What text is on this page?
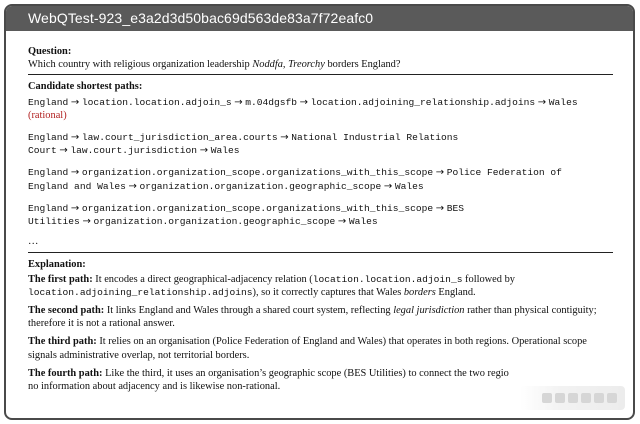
WebQTest-923_e3a2d3d50bac69d563de83a7f72eafc0
Question:
Which country with religious organization leadership Noddfa, Treorchy borders England?
Candidate shortest paths:
England → location.location.adjoin_s → m.04dgsfb → location.adjoining_relationship.adjoins → Wales
(rational)
England → law.court_jurisdiction_area.courts → National Industrial Relations
Court → law.court.jurisdiction → Wales
England → organization.organization_scope.organizations_with_this_scope → Police Federation of
England and Wales → organization.organization.geographic_scope → Wales
England → organization.organization_scope.organizations_with_this_scope → BES
Utilities → organization.organization.geographic_scope → Wales
…
Explanation:
The first path: It encodes a direct geographical-adjacency relation (location.location.adjoin_s followed by
location.adjoining_relationship.adjoins), so it correctly captures that Wales borders England.
The second path: It links England and Wales through a shared court system, reflecting legal jurisdiction rather than physical contiguity; therefore it is not a rational answer.
The third path: It relies on an organisation (Police Federation of England and Wales) that operates in both regions. Operational scope signals administrative overlap, not territorial borders.
The fourth path: Like the third, it uses an organisation’s geographic scope (BES Utilities) to connect the two regio
no information about adjacency and is likewise non-rational.
